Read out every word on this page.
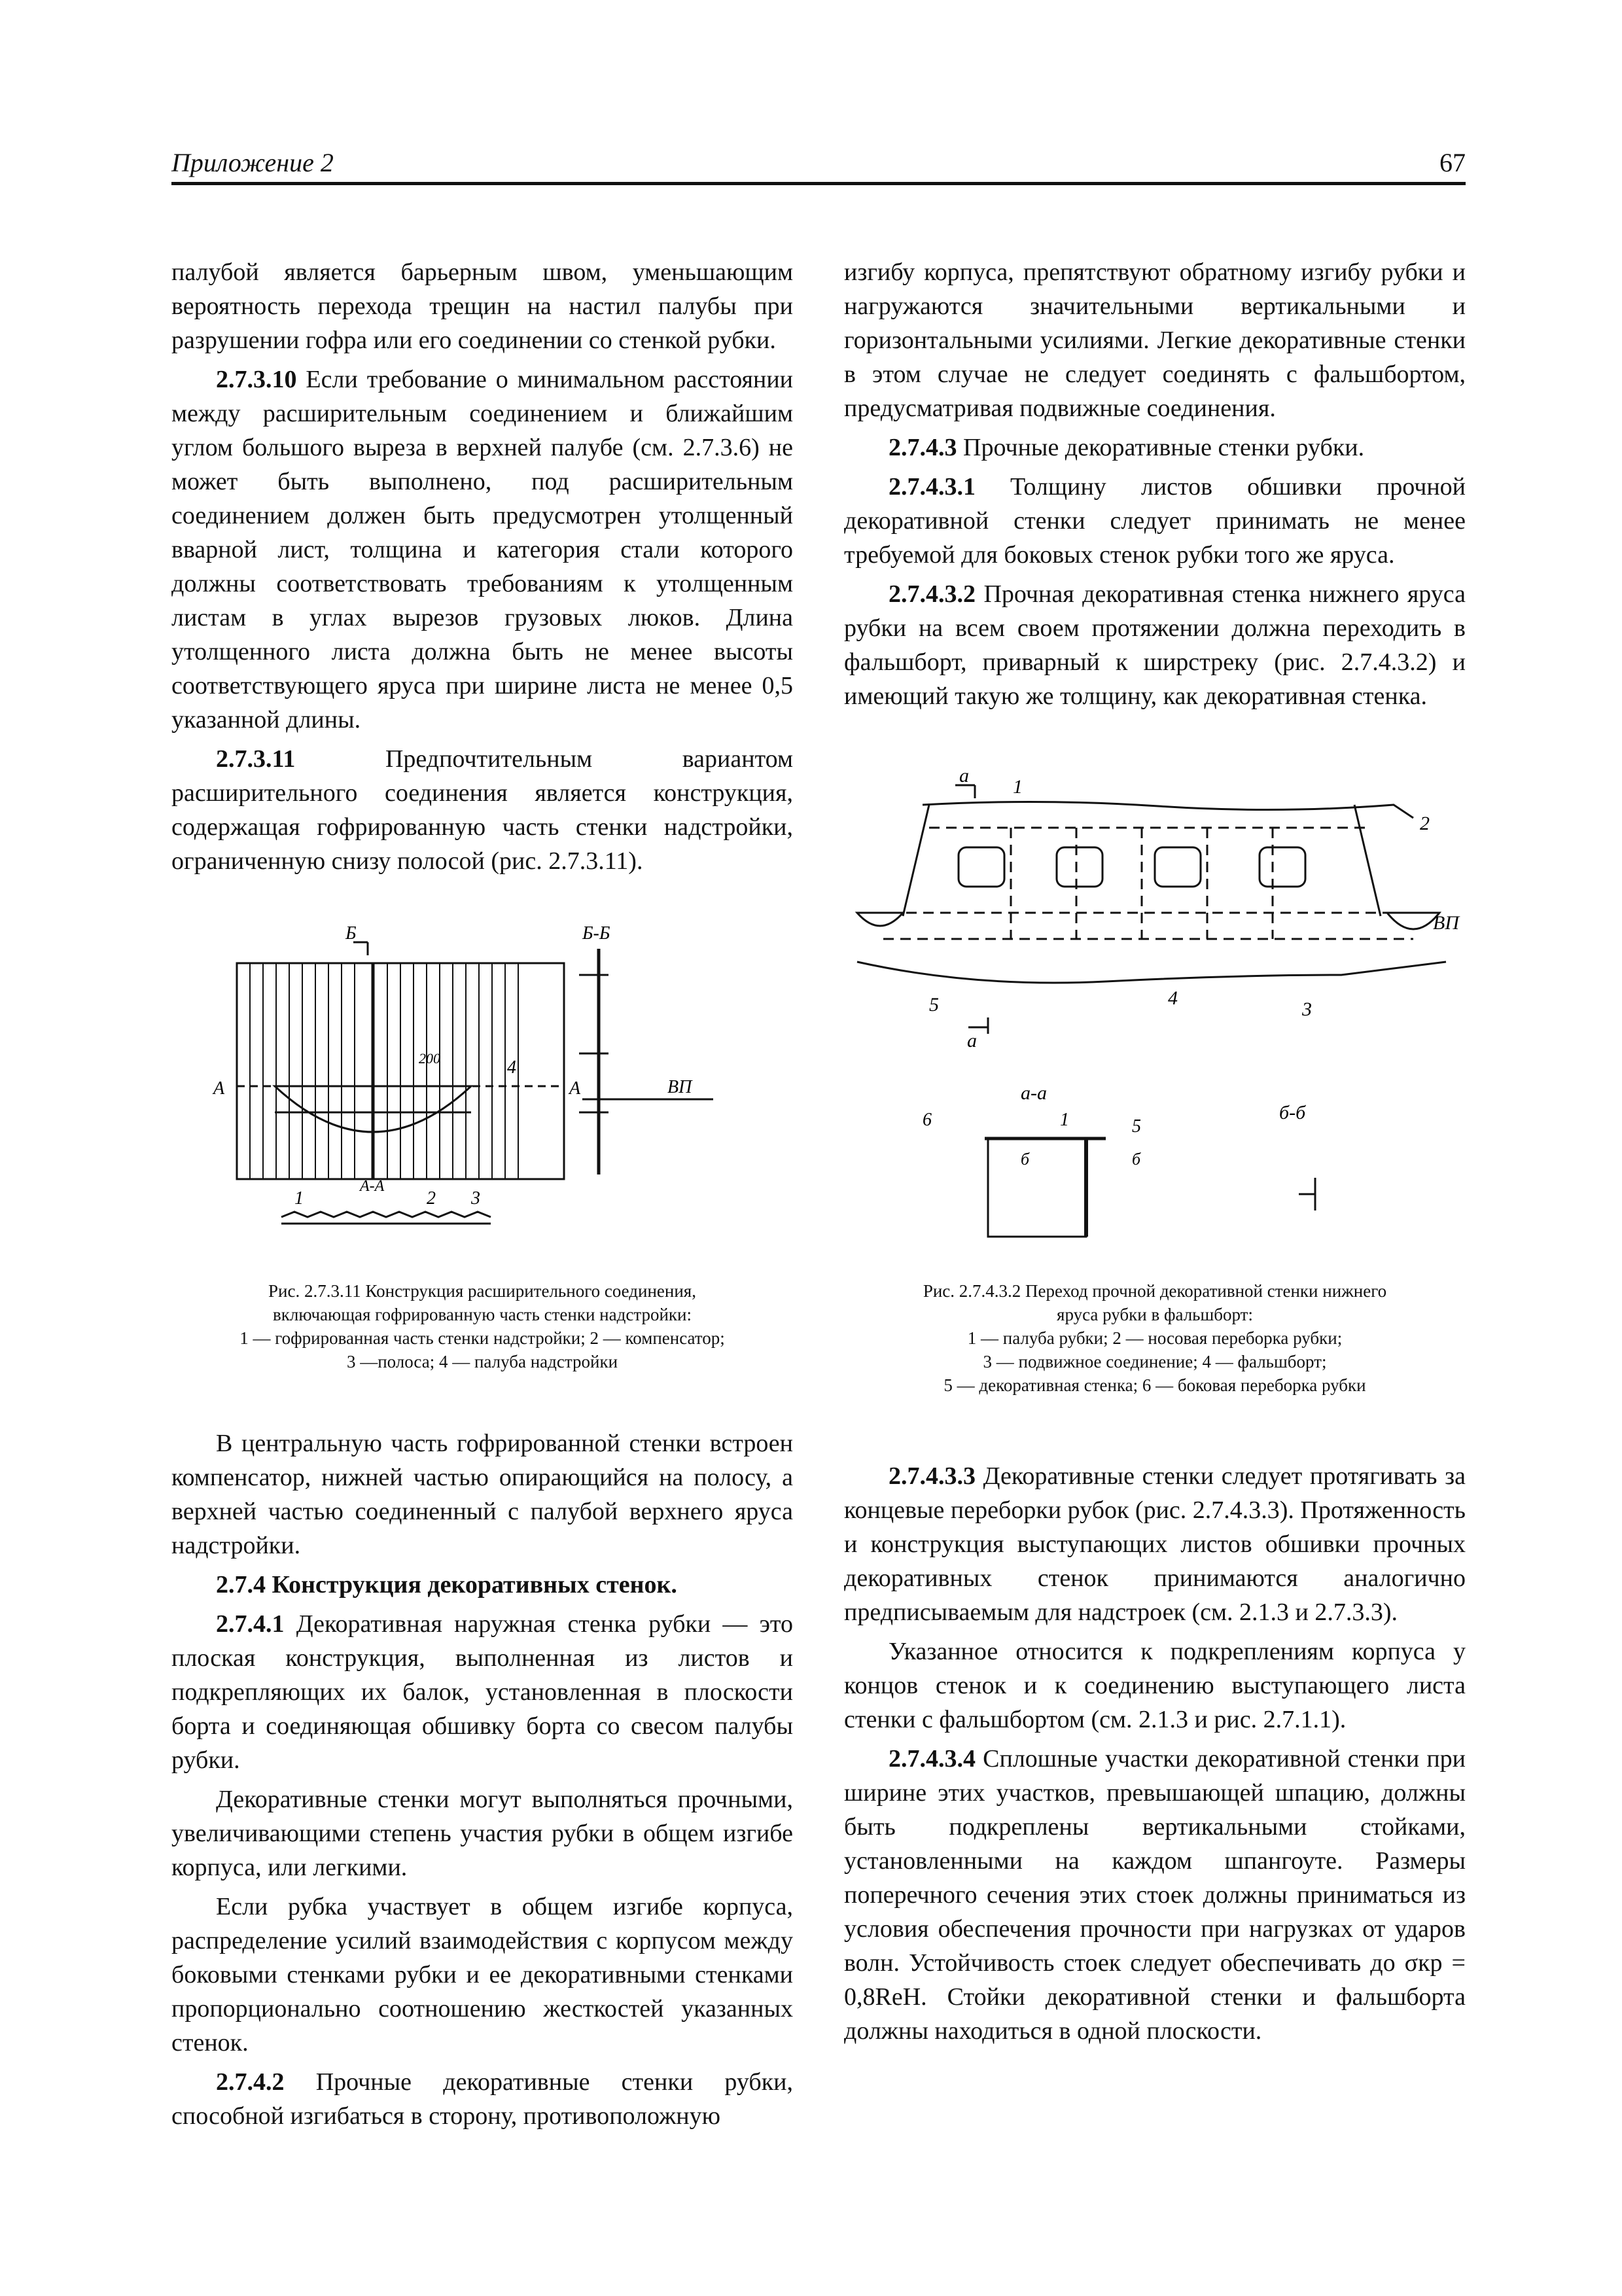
Приложение 2	67

палубой является барьерным швом, уменьшающим вероятность перехода трещин на настил палубы при разрушении гофра или его соединении со стенкой рубки.

2.7.3.10 Если требование о минимальном расстоянии между расширительным соединением и ближайшим углом большого выреза в верхней палубе (см. 2.7.3.6) не может быть выполнено, под расширительным соединением должен быть предусмотрен утолщенный вварной лист, толщина и категория стали которого должны соответствовать требованиям к утолщенным листам в углах вырезов грузовых люков. Длина утолщенного листа должна быть не менее высоты соответствующего яруса при ширине листа не менее 0,5 указанной длины.

2.7.3.11 Предпочтительным вариантом расширительного соединения является конструкция, содержащая гофрированную часть стенки надстройки, ограниченную снизу полосой (рис. 2.7.3.11).

изгибу корпуса, препятствуют обратному изгибу рубки и нагружаются значительными вертикальными и горизонтальными усилиями. Легкие декоративные стенки в этом случае не следует соединять с фальшбортом, предусматривая подвижные соединения.

2.7.4.3 Прочные декоративные стенки рубки.

2.7.4.3.1 Толщину листов обшивки прочной декоративной стенки следует принимать не менее требуемой для боковых стенок рубки того же яруса.

2.7.4.3.2 Прочная декоративная стенка нижнего яруса рубки на всем своем протяжении должна переходить в фальшборт, приварный к ширстреку (рис. 2.7.4.3.2) и имеющий такую же толщину, как декоративная стенка.

Б	Б-Б
А	А
А-А
ВП
200
1	2 3
4
Рис. 2.7.3.11 Конструкция расширительного соединения,
включающая гофрированную часть стенки надстройки:
1 — гофрированная часть стенки надстройки; 2 — компенсатор;
3 —полоса; 4 — палуба надстройки
а
1
2
ВП
5	4
3
а
а-а
6	1	5
б	б
б-б
Рис. 2.7.4.3.2 Переход прочной декоративной стенки нижнего
яруса рубки в фальшборт:
1 — палуба рубки; 2 — носовая переборка рубки;
3 — подвижное соединение; 4 — фальшборт;
5 — декоративная стенка; 6 — боковая переборка рубки

В центральную часть гофрированной стенки встроен компенсатор, нижней частью опирающийся на полосу, а верхней частью соединенный с палубой верхнего яруса надстройки.

2.7.4 Конструкция декоративных стенок.

2.7.4.1 Декоративная наружная стенка рубки — это плоская конструкция, выполненная из листов и подкрепляющих их балок, установленная в плоскости борта и соединяющая обшивку борта со свесом палубы рубки.

Декоративные стенки могут выполняться прочными, увеличивающими степень участия рубки в общем изгибе корпуса, или легкими.

Если рубка участвует в общем изгибе корпуса, распределение усилий взаимодействия с корпусом между боковыми стенками рубки и ее декоративными стенками пропорционально соотношению жесткостей указанных стенок.

2.7.4.2 Прочные декоративные стенки рубки, способной изгибаться в сторону, противоположную

2.7.4.3.3 Декоративные стенки следует протягивать за концевые переборки рубок (рис. 2.7.4.3.3). Протяженность и конструкция выступающих листов обшивки прочных декоративных стенок принимаются аналогично предписываемым для надстроек (см. 2.1.3 и 2.7.3.3).

Указанное относится к подкреплениям корпуса у концов стенок и к соединению выступающего листа стенки с фальшбортом (см. 2.1.3 и рис. 2.7.1.1).

2.7.4.3.4 Сплошные участки декоративной стенки при ширине этих участков, превышающей шпацию, должны быть подкреплены вертикальными стойками, установленными на каждом шпангоуте. Размеры поперечного сечения этих стоек должны приниматься из условия обеспечения прочности при нагрузках от ударов волн. Устойчивость стоек следует обеспечивать до σкр = 0,8ReH. Стойки декоративной стенки и фальшборта должны находиться в одной плоскости.
